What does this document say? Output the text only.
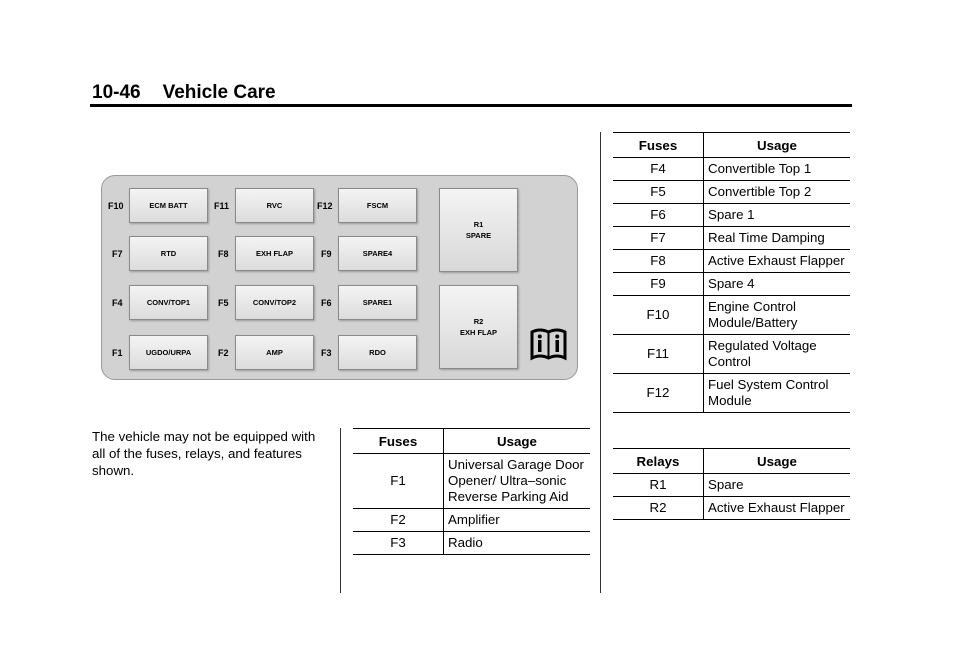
10-46 Vehicle Care
F10	ECM BATT	F11	RVC	F12	FSCM
F7	RTD	F8	EXH FLAP	F9	SPARE4
F4	CONV/TOP1	F5	CONV/TOP2	F6	SPARE1
F1	UGDO/URPA	F2	AMP	F3	RDO
R1
SPARE
R2
EXH FLAP
The vehicle may not be equipped with all of the fuses, relays, and features shown.
Fuses	Usage
F1	Universal Garage Door Opener/ Ultra–sonic Reverse Parking Aid
F2	Amplifier
F3	Radio
Fuses	Usage
F4	Convertible Top 1
F5	Convertible Top 2
F6	Spare 1
F7	Real Time Damping
F8	Active Exhaust Flapper
F9	Spare 4
F10	Engine Control Module/Battery
F11	Regulated Voltage Control
F12	Fuel System Control Module
Relays	Usage
R1	Spare
R2	Active Exhaust Flapper
